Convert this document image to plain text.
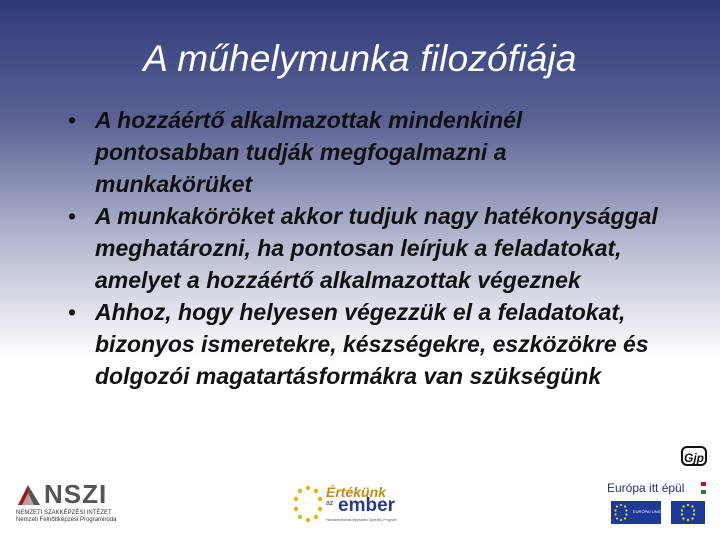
A műhelymunka filozófiája
• A hozzáértő alkalmazottak mindenkinél pontosabban tudják megfogalmazni a munkakörüket
• A munkaköröket akkor tudjuk nagy hatékonysággal meghatározni, ha pontosan leírjuk a feladatokat, amelyet a hozzáértő alkalmazottak végeznek
• Ahhoz, hogy helyesen végezzük el a feladatokat, bizonyos ismeretekre, készségekre, eszközökre és dolgozói magatartásformákra van szükségünk
Gjp
NSZI
NEMZETI SZAKKÉPZÉSI INTÉZET
Nemzeti Felnőttképzési Programiroda
Értékünk
az ember
Humánerőforrás-fejlesztési Operatív Program
Európa itt épül
EURÓPAI UNIÓ
